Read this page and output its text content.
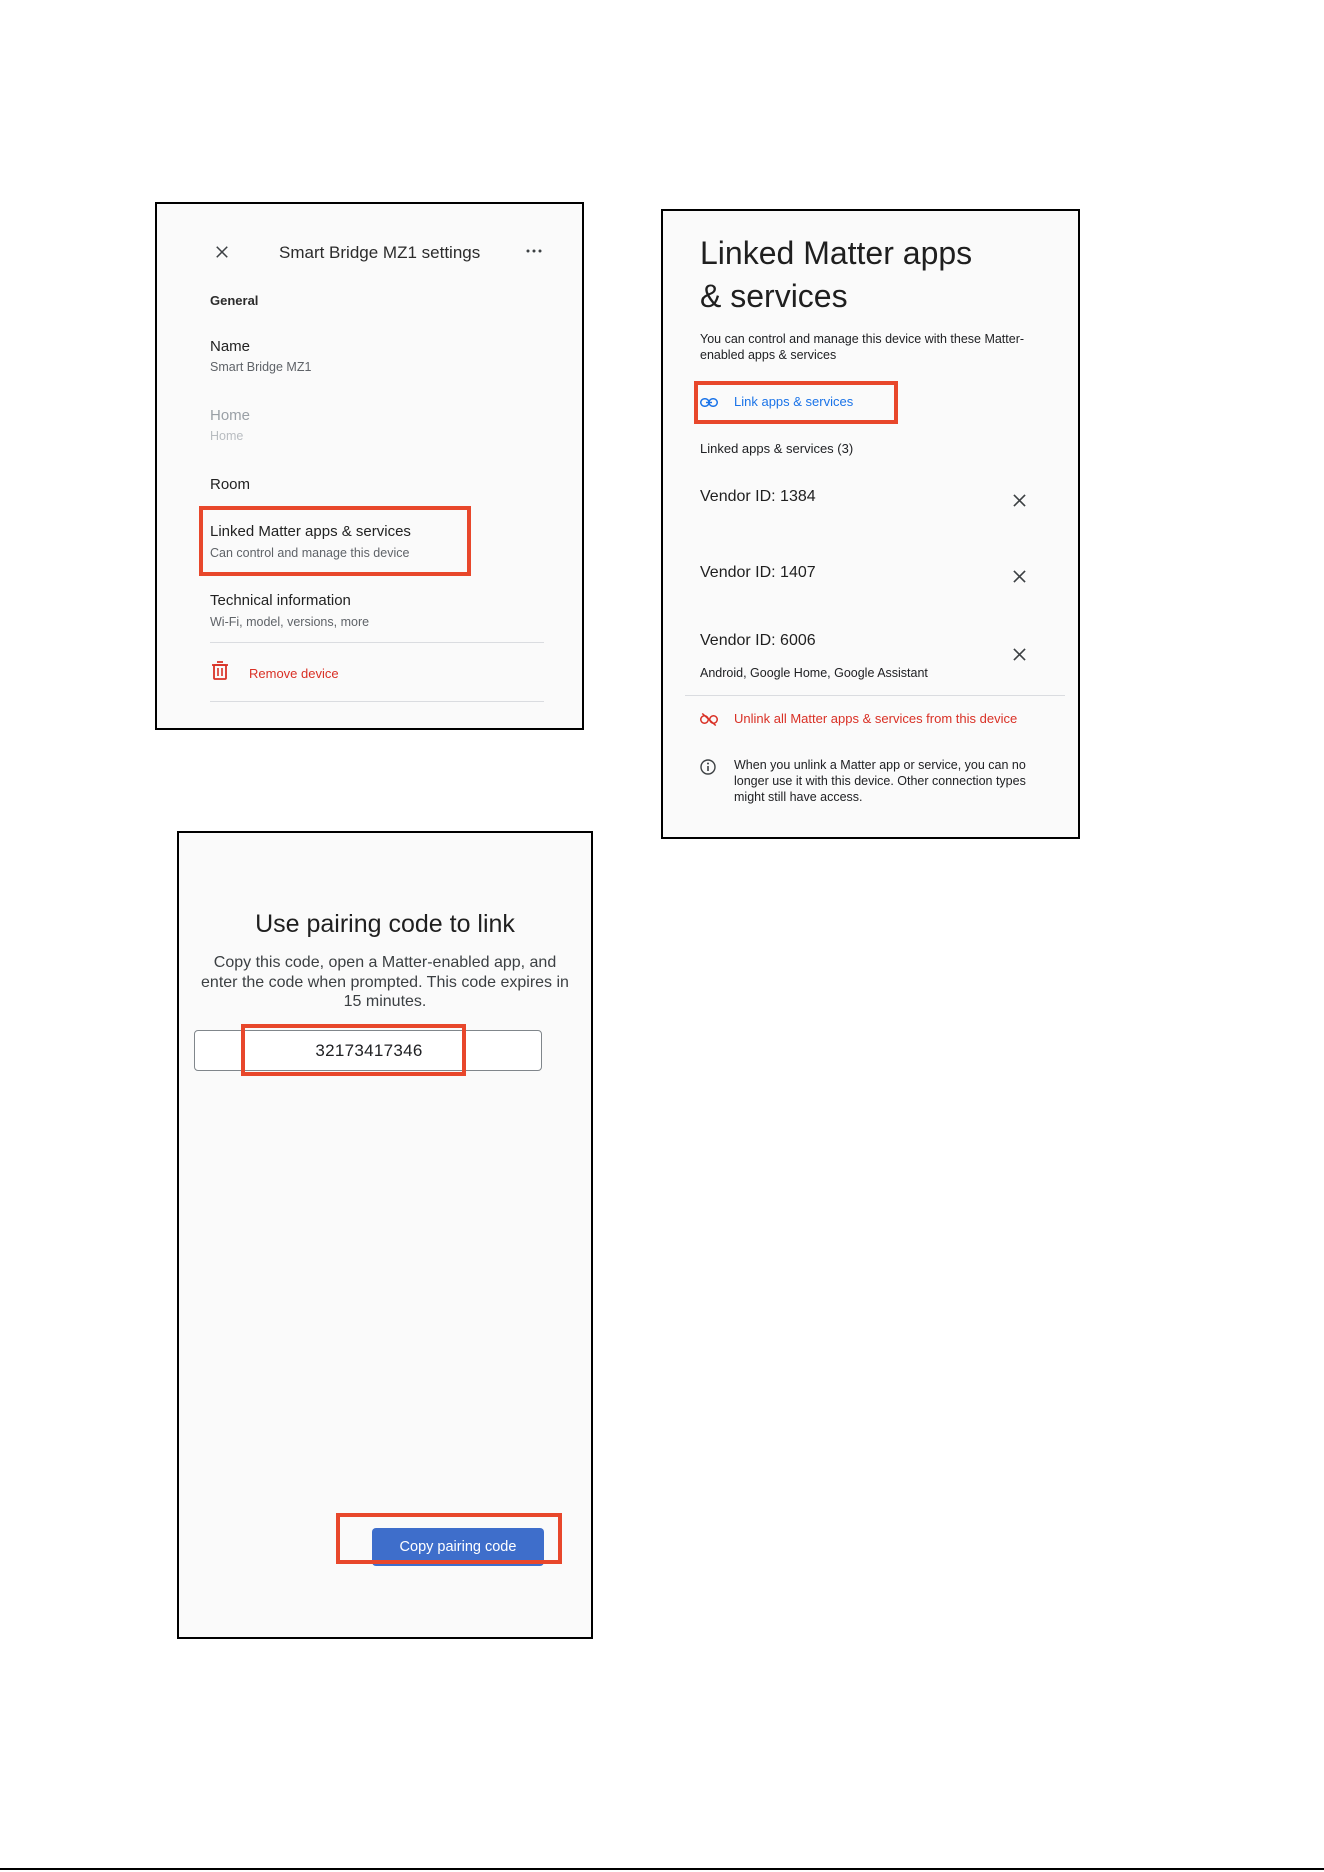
Smart Bridge MZ1 settings
General
Name
Smart Bridge MZ1
Home
Home
Room
Linked Matter apps & services
Can control and manage this device
Technical information
Wi-Fi, model, versions, more
Remove device
Linked Matter apps
& services
You can control and manage this device with these Matter-enabled apps & services
Link apps & services
Linked apps & services (3)
Vendor ID: 1384
Vendor ID: 1407
Vendor ID: 6006
Android, Google Home, Google Assistant
Unlink all Matter apps & services from this device
When you unlink a Matter app or service, you can no longer use it with this device. Other connection types might still have access.
Use pairing code to link
Copy this code, open a Matter-enabled app, and enter the code when prompted. This code expires in 15 minutes.
32173417346
Copy pairing code
